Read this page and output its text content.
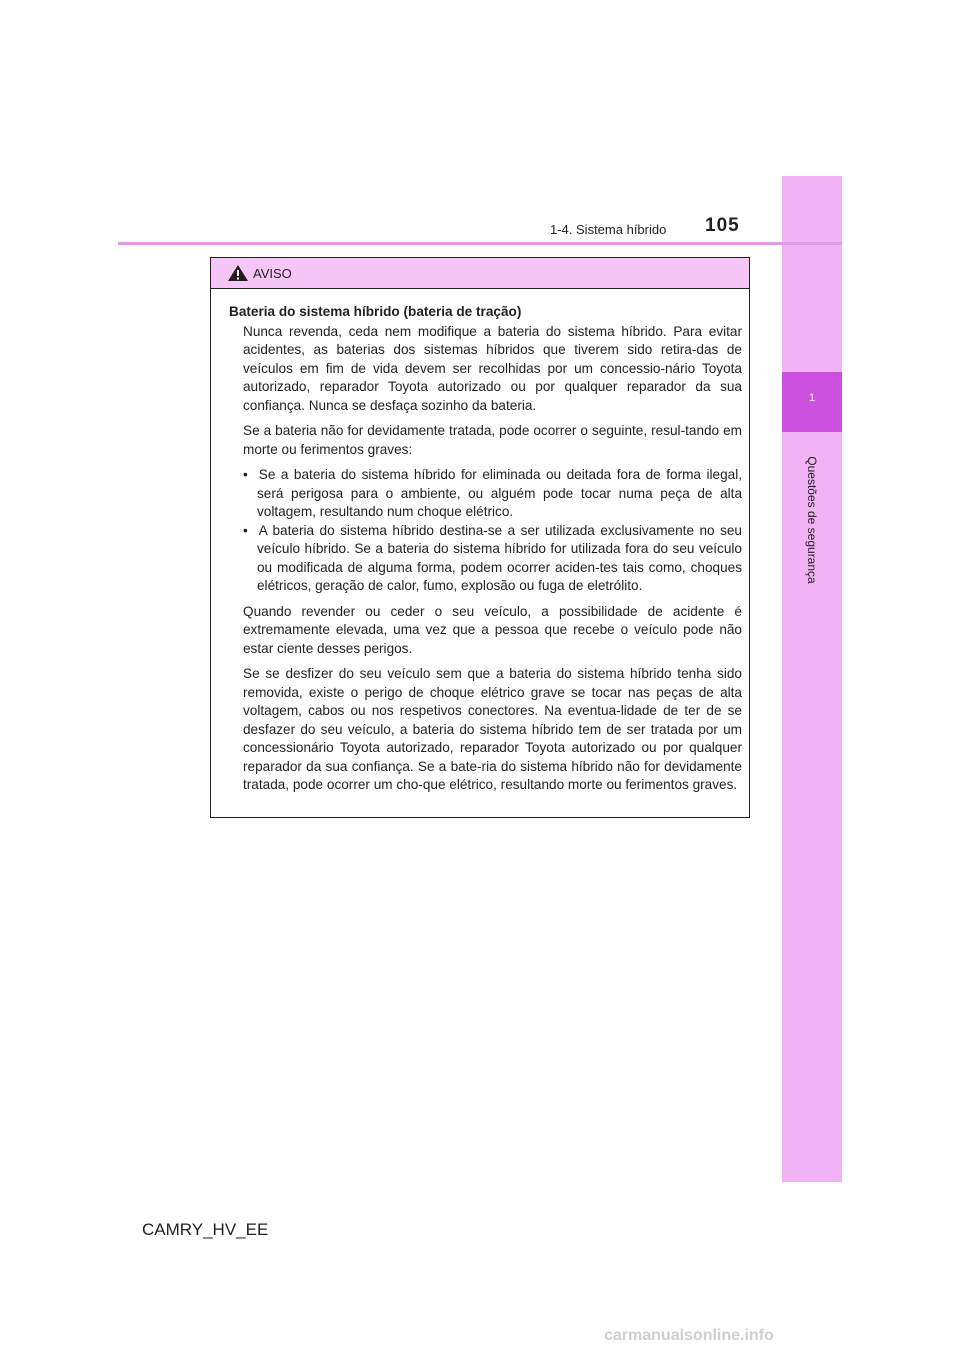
1
Questões de segurança
1-4. Sistema híbrido 105
AVISO
Bateria do sistema híbrido (bateria de tração)
Nunca revenda, ceda nem modifique a bateria do sistema híbrido. Para evitar acidentes, as baterias dos sistemas híbridos que tiverem sido retira-das de veículos em fim de vida devem ser recolhidas por um concessio-nário Toyota autorizado, reparador Toyota autorizado ou por qualquer reparador da sua confiança. Nunca se desfaça sozinho da bateria.
Se a bateria não for devidamente tratada, pode ocorrer o seguinte, resul-tando em morte ou ferimentos graves:
•  Se a bateria do sistema híbrido for eliminada ou deitada fora de forma ilegal, será perigosa para o ambiente, ou alguém pode tocar numa peça de alta voltagem, resultando num choque elétrico.
•  A bateria do sistema híbrido destina-se a ser utilizada exclusivamente no seu veículo híbrido. Se a bateria do sistema híbrido for utilizada fora do seu veículo ou modificada de alguma forma, podem ocorrer aciden-tes tais como, choques elétricos, geração de calor, fumo, explosão ou fuga de eletrólito.
Quando revender ou ceder o seu veículo, a possibilidade de acidente é extremamente elevada, uma vez que a pessoa que recebe o veículo pode não estar ciente desses perigos.
Se se desfizer do seu veículo sem que a bateria do sistema híbrido tenha sido removida, existe o perigo de choque elétrico grave se tocar nas peças de alta voltagem, cabos ou nos respetivos conectores. Na eventua-lidade de ter de se desfazer do seu veículo, a bateria do sistema híbrido tem de ser tratada por um concessionário Toyota autorizado, reparador Toyota autorizado ou por qualquer reparador da sua confiança. Se a bate-ria do sistema híbrido não for devidamente tratada, pode ocorrer um cho-que elétrico, resultando morte ou ferimentos graves.
CAMRY_HV_EE
carmanualsonline.info
